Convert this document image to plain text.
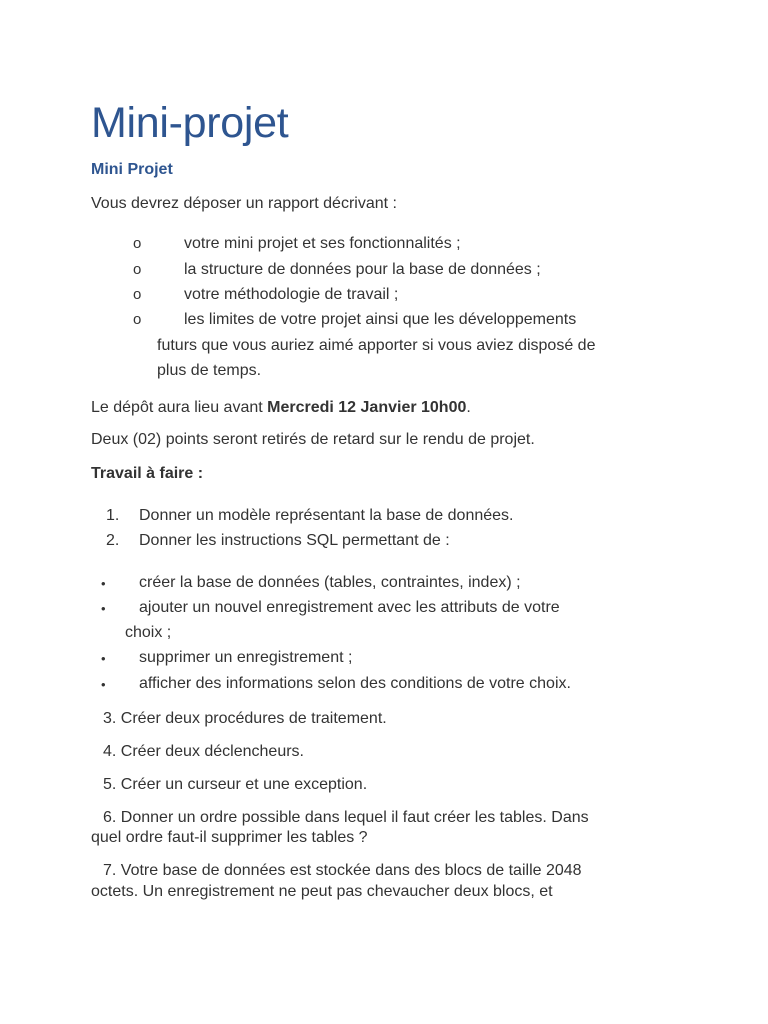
Mini-projet
Mini Projet
Vous devrez déposer un rapport décrivant :
o	votre mini projet et ses fonctionnalités ;
o	la structure de données pour la base de données ;
o	votre méthodologie de travail ;
o	les limites de votre projet ainsi que les développements
futurs que vous auriez aimé apporter si vous aviez disposé de
plus de temps.
Le dépôt aura lieu avant Mercredi 12 Janvier 10h00.
Deux (02) points seront retirés de retard sur le rendu de projet.
Travail à faire :
1. Donner un modèle représentant la base de données.
2. Donner les instructions SQL permettant de :
• créer la base de données (tables, contraintes, index) ;
• ajouter un nouvel enregistrement avec les attributs de votre
choix ;
• supprimer un enregistrement ;
• afficher des informations selon des conditions de votre choix.
3. Créer deux procédures de traitement.
4. Créer deux déclencheurs.
5. Créer un curseur et une exception.
6. Donner un ordre possible dans lequel il faut créer les tables. Dans
quel ordre faut-il supprimer les tables ?
7. Votre base de données est stockée dans des blocs de taille 2048
octets. Un enregistrement ne peut pas chevaucher deux blocs, et
